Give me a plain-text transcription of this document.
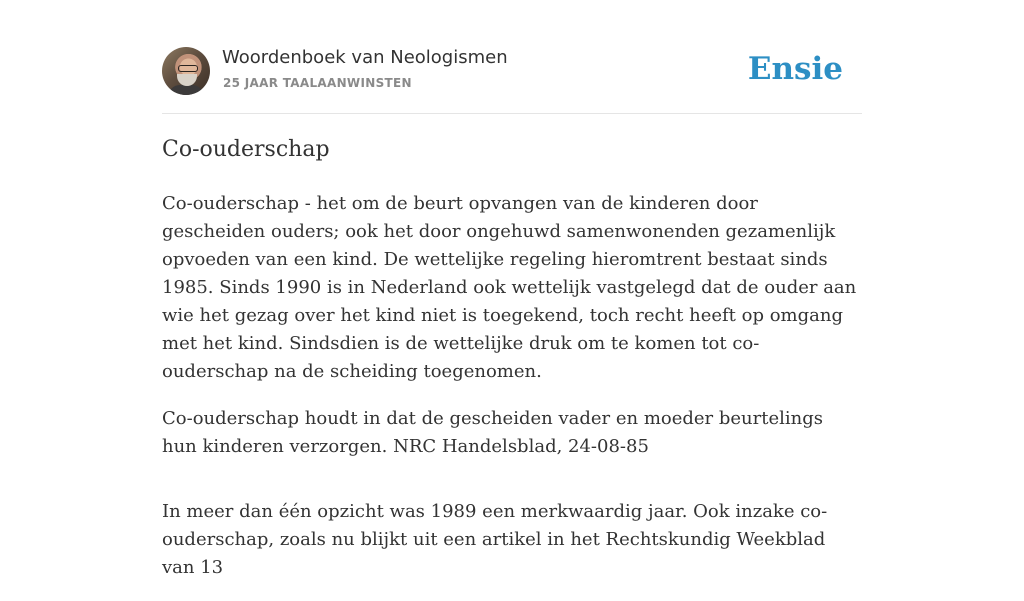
Woordenboek van Neologismen
25 JAAR TAALAANWINSTEN	Ensie
Co-ouderschap

Co-ouderschap - het om de beurt opvangen van de kinderen door gescheiden ouders; ook het door ongehuwd samenwonenden gezamenlijk opvoeden van een kind. De wettelijke regeling hieromtrent bestaat sinds 1985. Sinds 1990 is in Nederland ook wettelijk vastgelegd dat de ouder aan wie het gezag over het kind niet is toegekend, toch recht heeft op omgang met het kind. Sindsdien is de wettelijke druk om te komen tot co-ouderschap na de scheiding toegenomen.

Co-ouderschap houdt in dat de gescheiden vader en moeder beurtelings hun kinderen verzorgen. NRC Handelsblad, 24-08-85

In meer dan één opzicht was 1989 een merkwaardig jaar. Ook inzake co-ouderschap, zoals nu blijkt uit een artikel in het Rechtskundig Weekblad van 13
